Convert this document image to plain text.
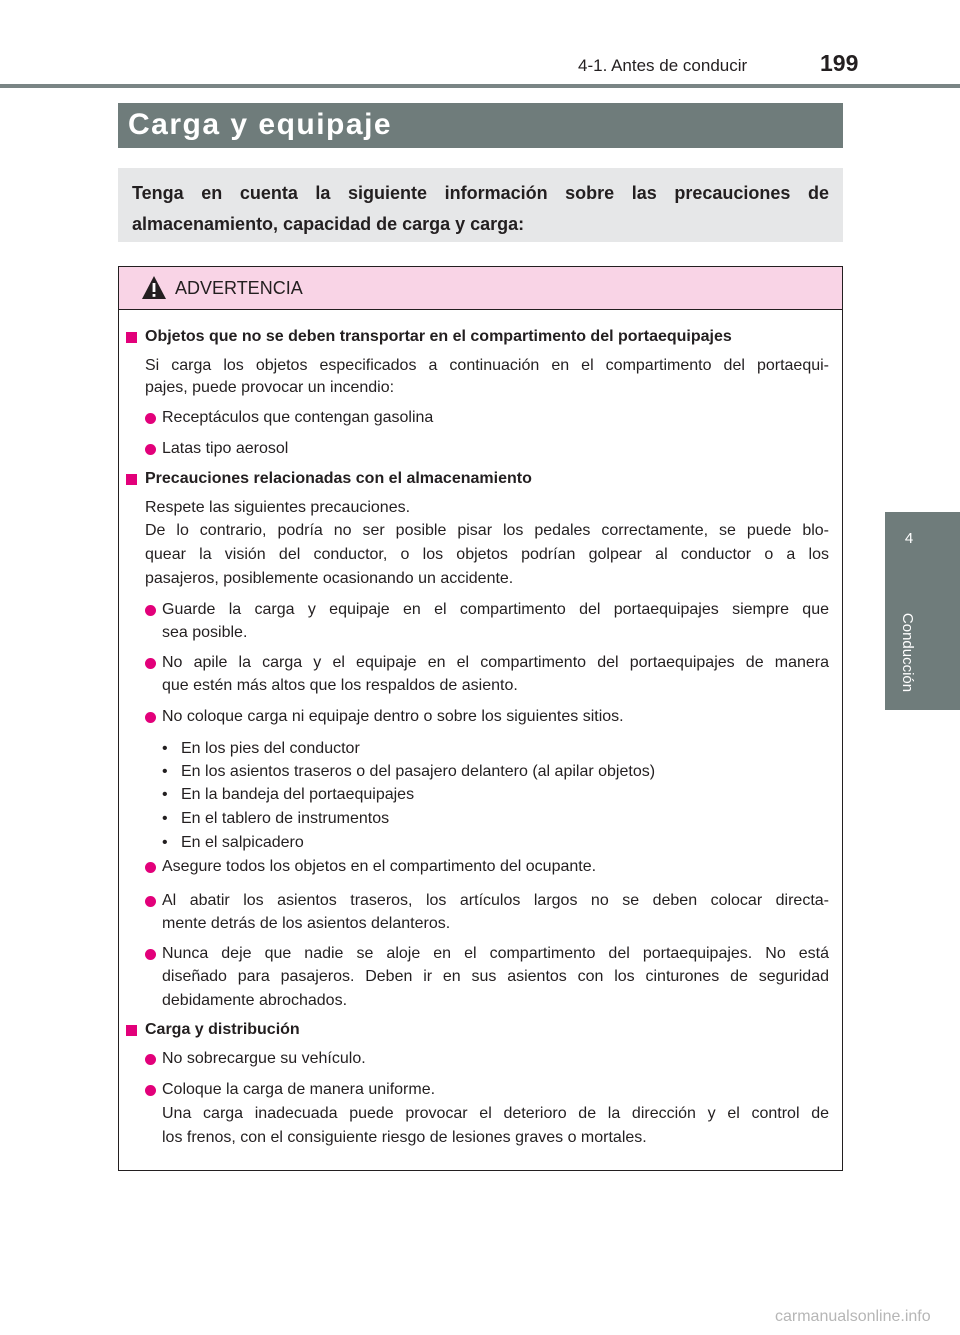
4-1. Antes de conducir	199
4
Conducción
Carga y equipaje
Tenga en cuenta la siguiente información sobre las precauciones de almacenamiento, capacidad de carga y carga:
ADVERTENCIA
Objetos que no se deben transportar en el compartimento del portaequipajes
Si carga los objetos especificados a continuación en el compartimento del portaequi-
pajes, puede provocar un incendio:
Receptáculos que contengan gasolina
Latas tipo aerosol
Precauciones relacionadas con el almacenamiento
Respete las siguientes precauciones.
De lo contrario, podría no ser posible pisar los pedales correctamente, se puede blo-
quear la visión del conductor, o los objetos podrían golpear al conductor o a los
pasajeros, posiblemente ocasionando un accidente.
Guarde la carga y equipaje en el compartimento del portaequipajes siempre que
sea posible.
No apile la carga y el equipaje en el compartimento del portaequipajes de manera
que estén más altos que los respaldos de asiento.
No coloque carga ni equipaje dentro o sobre los siguientes sitios.
• En los pies del conductor
• En los asientos traseros o del pasajero delantero (al apilar objetos)
• En la bandeja del portaequipajes
• En el tablero de instrumentos
• En el salpicadero
Asegure todos los objetos en el compartimento del ocupante.
Al abatir los asientos traseros, los artículos largos no se deben colocar directa-
mente detrás de los asientos delanteros.
Nunca deje que nadie se aloje en el compartimento del portaequipajes. No está
diseñado para pasajeros. Deben ir en sus asientos con los cinturones de seguridad
debidamente abrochados.
Carga y distribución
No sobrecargue su vehículo.
Coloque la carga de manera uniforme.
Una carga inadecuada puede provocar el deterioro de la dirección y el control de
los frenos, con el consiguiente riesgo de lesiones graves o mortales.
carmanualsonline.info
